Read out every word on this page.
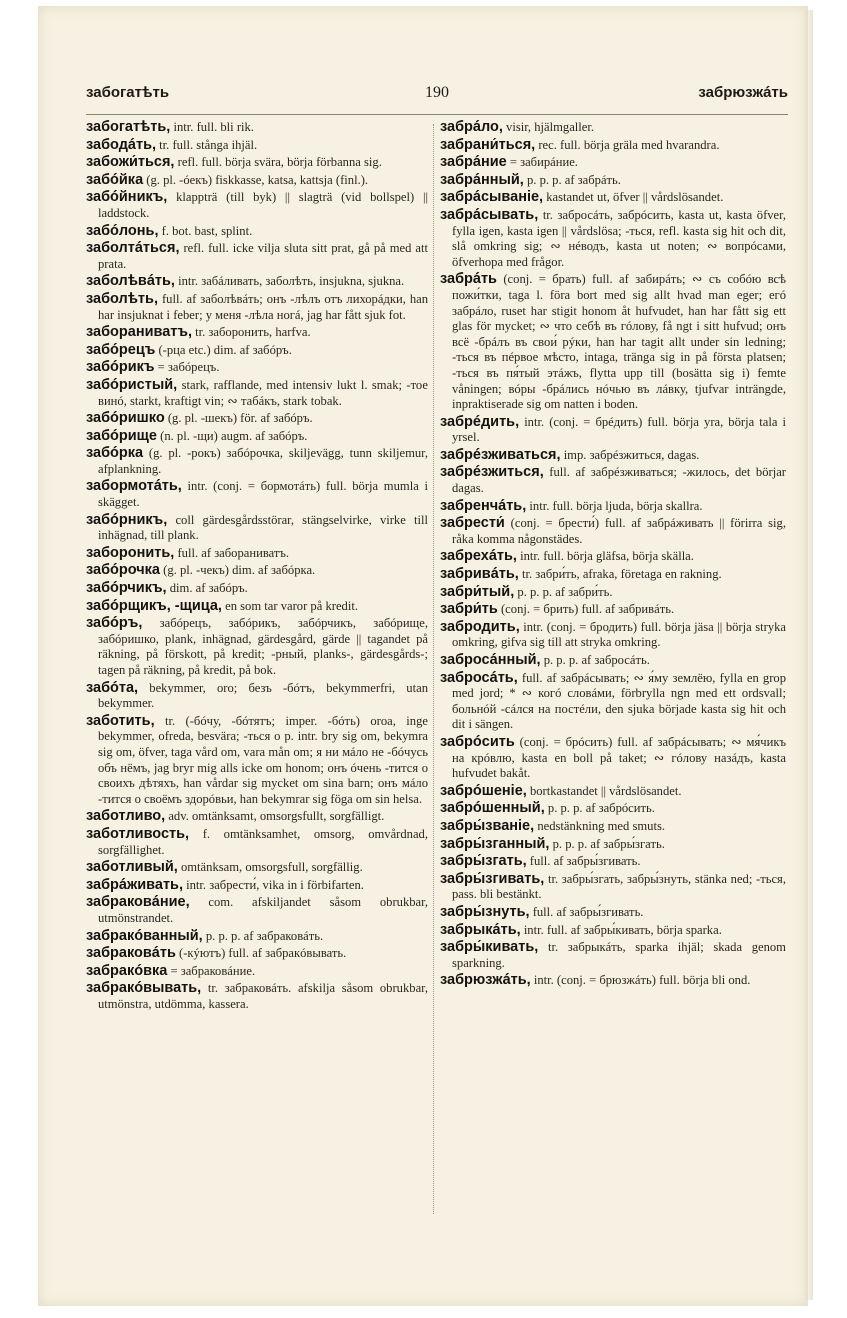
забогатѣть	190	забрюзжáть
забогатѣть, intr. full. bli rik.
забодáть, tr. full. stånga ihjäl.
забожи́ться, refl. full. börja svära, börja förbanna sig.
забóйка (g. pl. -óекъ) fiskkasse, katsa, kattsja (finl.).
забóйникъ, klappträ (till byk) || slagträ (vid bollspel) || laddstock.
забóлонь, f. bot. bast, splint.
заболтáться, refl. full. icke vilja sluta sitt prat, gå på med att prata.
заболѣвáть, intr. забáливать, заболѣть, insjukna, sjukna.
заболѣть, full. af заболѣвáть; онъ -лѣлъ отъ лихорáдки, han har insjuknat i feber; у меня -лѣла ногá, jag har fått sjuk fot.
забораниватъ, tr. забoронить, harfva.
забóрецъ (-рца etc.) dim. af забóръ.
забóрикъ = забóрецъ.
забóристый, stark, rafflande, med intensiv lukt l. smak; -тое винó, starkt, kraftigt vin; ∾ табáкъ, stark tobak.
забóришко (g. pl. -шекъ) för. af забóръ.
забóрище (n. pl. -щи) augm. af забóръ.
забóрка (g. pl. -рокъ) забóрочка, skiljevägg, tunn skiljemur, afplankning.
забормотáть, intr. (conj. = бормотáть) full. börja mumla i skägget.
забóрникъ, coll gärdesgårdsstörar, stängselvirke, virke till inhägnad, till plank.
забoронить, full. af забораниватъ.
забóрочка (g. pl. -чекъ) dim. af забóрка.
забóрчикъ, dim. af забóръ.
забóрщикъ, -щица, en som tar varor på kredit.
забóръ, забóрецъ, забóрикъ, забóрчикъ, забóрище, забóришко, plank, inhägnad, gärdesgård, gärde || tagandet på räkning, på förskott, på kredit; -рный, planks-, gärdesgårds-; tagen på räkning, på kredit, på bok.
забóта, bekymmer, oro; безъ -бóтъ, bekymmerfri, utan bekymmer.
заботить, tr. (-бóчу, -бóтятъ; imper. -бóть) oroa, inge bekymmer, ofreda, besvära; -ться o p. intr. bry sig om, bekymra sig om, öfver, taga vård om, vara mån om; я ни мáло не -бóчусь объ нёмъ, jag bryr mig alls icke om honom; онъ óчень -тится о своихъ дѣтяхъ, han vårdar sig mycket om sina barn; онъ мáло -тится о своёмъ здорóвьи, han bekymrar sig föga om sin helsa.
заботливо, adv. omtänksamt, omsorgsfullt, sorgfälligt.
заботливость, f. omtänksamhet, omsorg, omvårdnad, sorgfällighet.
заботливый, omtänksam, omsorgsfull, sorgfällig.
забрáживать, intr. забрести́, vika in i förbifarten.
забраковáние, com. afskiljandet såsom obrukbar, utmönstrandet.
забракóванный, p. p. p. af забраковáть.
забраковáть (-кýютъ) full. af забракóвывать.
забракóвка = забраковáние.
забракóвывать, tr. забраковáть. afskilja såsom obrukbar, utmönstra, utdömma, kassera.
забрáло, visir, hjälmgaller.
забрани́ться, rec. full. börja gräla med hvarandra.
забрáние = забирáние.
забрáнный, p. p. p. af забрáть.
забрáсываніе, kastandet ut, öfver || vårdslösandet.
забрáсывать, tr. забросáть, забрóсить, kasta ut, kasta öfver, fylla igen, kasta igen || vårdslösa; -ться, refl. kasta sig hit och dit, slå omkring sig; ∾ нéводъ, kasta ut noten; ∾ вопрóсами, öfverhopa med frågor.
забрáть (conj. = брать) full. af забирáть; ∾ съ собóю всѣ пожи́тки, taga l. föra bort med sig allt hvad man eger; егó забрáло, ruset har stigit honom åt hufvudet, han har fått sig ett glas för mycket; ∾ что себѣ въ гóлову, få ngt i sitt hufvud; онъ всё -брáлъ въ свои́ рýки, han har tagit allt under sin ledning; -ться въ пéрвое мѣсто, intaga, tränga sig in på första platsen; -ться въ пя́тый этáжъ, flytta upp till (bosätta sig i) femte våningen; вóры -брáлись нóчью въ лáвку, tjufvar inträngde, inpraktiserade sig om natten i boden.
забрéдить, intr. (conj. = брéдить) full. börja yra, börja tala i yrsel.
забрéзживаться, imp. забрéзжиться, dagas.
забрéзжиться, full. af забрéзживаться; -жилось, det börjar dagas.
забренчáть, intr. full. börja ljuda, börja skallra.
забрести́ (conj. = брести́) full. af забрáживать || förirra sig, råka komma någonstädes.
забрехáть, intr. full. börja gläfsa, börja skälla.
забривáть, tr. забри́ть, afraka, företaga en rakning.
забри́тый, p. p. p. af забри́ть.
забри́ть (conj. = брить) full. af забривáть.
забродить, intr. (conj. = бродить) full. börja jäsa || börja stryka omkring, gifva sig till att stryka omkring.
забросáнный, p. p. p. af забросáть.
забросáть, full. af забрáсывать; ∾ я́му землёю, fylla en grop med jord; * ∾ когó словáми, förbrylla ngn med ett ordsvall; больнóй -сáлся на постéли, den sjuka började kasta sig hit och dit i sängen.
забрóсить (conj. = брóсить) full. af забрáсывать; ∾ мя́чикъ на крóвлю, kasta en boll på taket; ∾ гóлову назáдъ, kasta hufvudet bakåt.
забрóшеніе, bortkastandet || vårdslösandet.
забрóшенный, p. p. p. af забрóсить.
забры́званіе, nedstänkning med smuts.
забры́зганный, p. p. p. af забры́згать.
забры́згать, full. af забры́згивать.
забры́згивать, tr. забры́згать, забры́знуть, stänka ned; -ться, pass. bli bestänkt.
забры́знуть, full. af забры́згивать.
забрыкáть, intr. full. af забры́кивать, börja sparka.
забры́кивать, tr. забрыкáть, sparka ihjäl; skada genom sparkning.
забрюзжáть, intr. (conj. = брюзжáть) full. börja bli ond.
